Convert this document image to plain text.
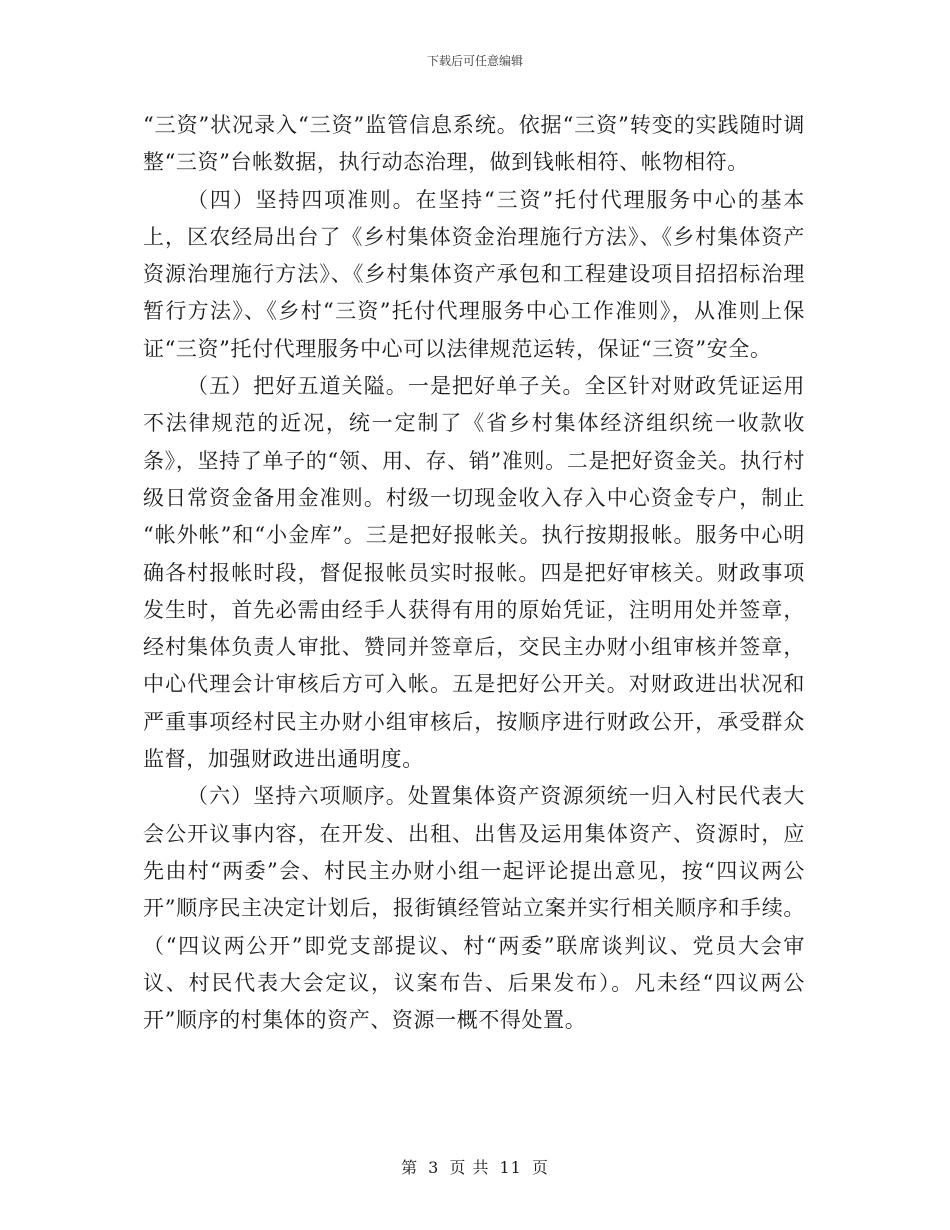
下载后可任意编辑

“三资”状况录入“三资”监管信息系统。依据“三资”转变的实践随时调整“三资”台帐数据，执行动态治理，做到钱帐相符、帐物相符。

（四）坚持四项准则。在坚持“三资”托付代理服务中心的基本上，区农经局出台了《乡村集体资金治理施行方法》、《乡村集体资产资源治理施行方法》、《乡村集体资产承包和工程建设项目招招标治理暂行方法》、《乡村“三资”托付代理服务中心工作准则》，从准则上保证“三资”托付代理服务中心可以法律规范运转，保证“三资”安全。

（五）把好五道关隘。一是把好单子关。全区针对财政凭证运用不法律规范的近况，统一定制了《省乡村集体经济组织统一收款收条》，坚持了单子的“领、用、存、销”准则。二是把好资金关。执行村级日常资金备用金准则。村级一切现金收入存入中心资金专户，制止 “帐外帐”和“小金库”。三是把好报帐关。执行按期报帐。服务中心明确各村报帐时段，督促报帐员实时报帐。四是把好审核关。财政事项发生时，首先必需由经手人获得有用的原始凭证，注明用处并签章，经村集体负责人审批、赞同并签章后，交民主办财小组审核并签章，中心代理会计审核后方可入帐。五是把好公开关。对财政进出状况和严重事项经村民主办财小组审核后，按顺序进行财政公开，承受群众监督，加强财政进出通明度。

（六）坚持六项顺序。处置集体资产资源须统一归入村民代表大会公开议事内容，在开发、出租、出售及运用集体资产、资源时，应先由村“两委”会、村民主办财小组一起评论提出意见，按“四议两公开”顺序民主决定计划后，报街镇经管站立案并实行相关顺序和手续。（“四议两公开”即党支部提议、村“两委”联席谈判议、党员大会审议、村民代表大会定议，议案布告、后果发布）。凡未经“四议两公开”顺序的村集体的资产、资源一概不得处置。

第 3 页 共 11 页
